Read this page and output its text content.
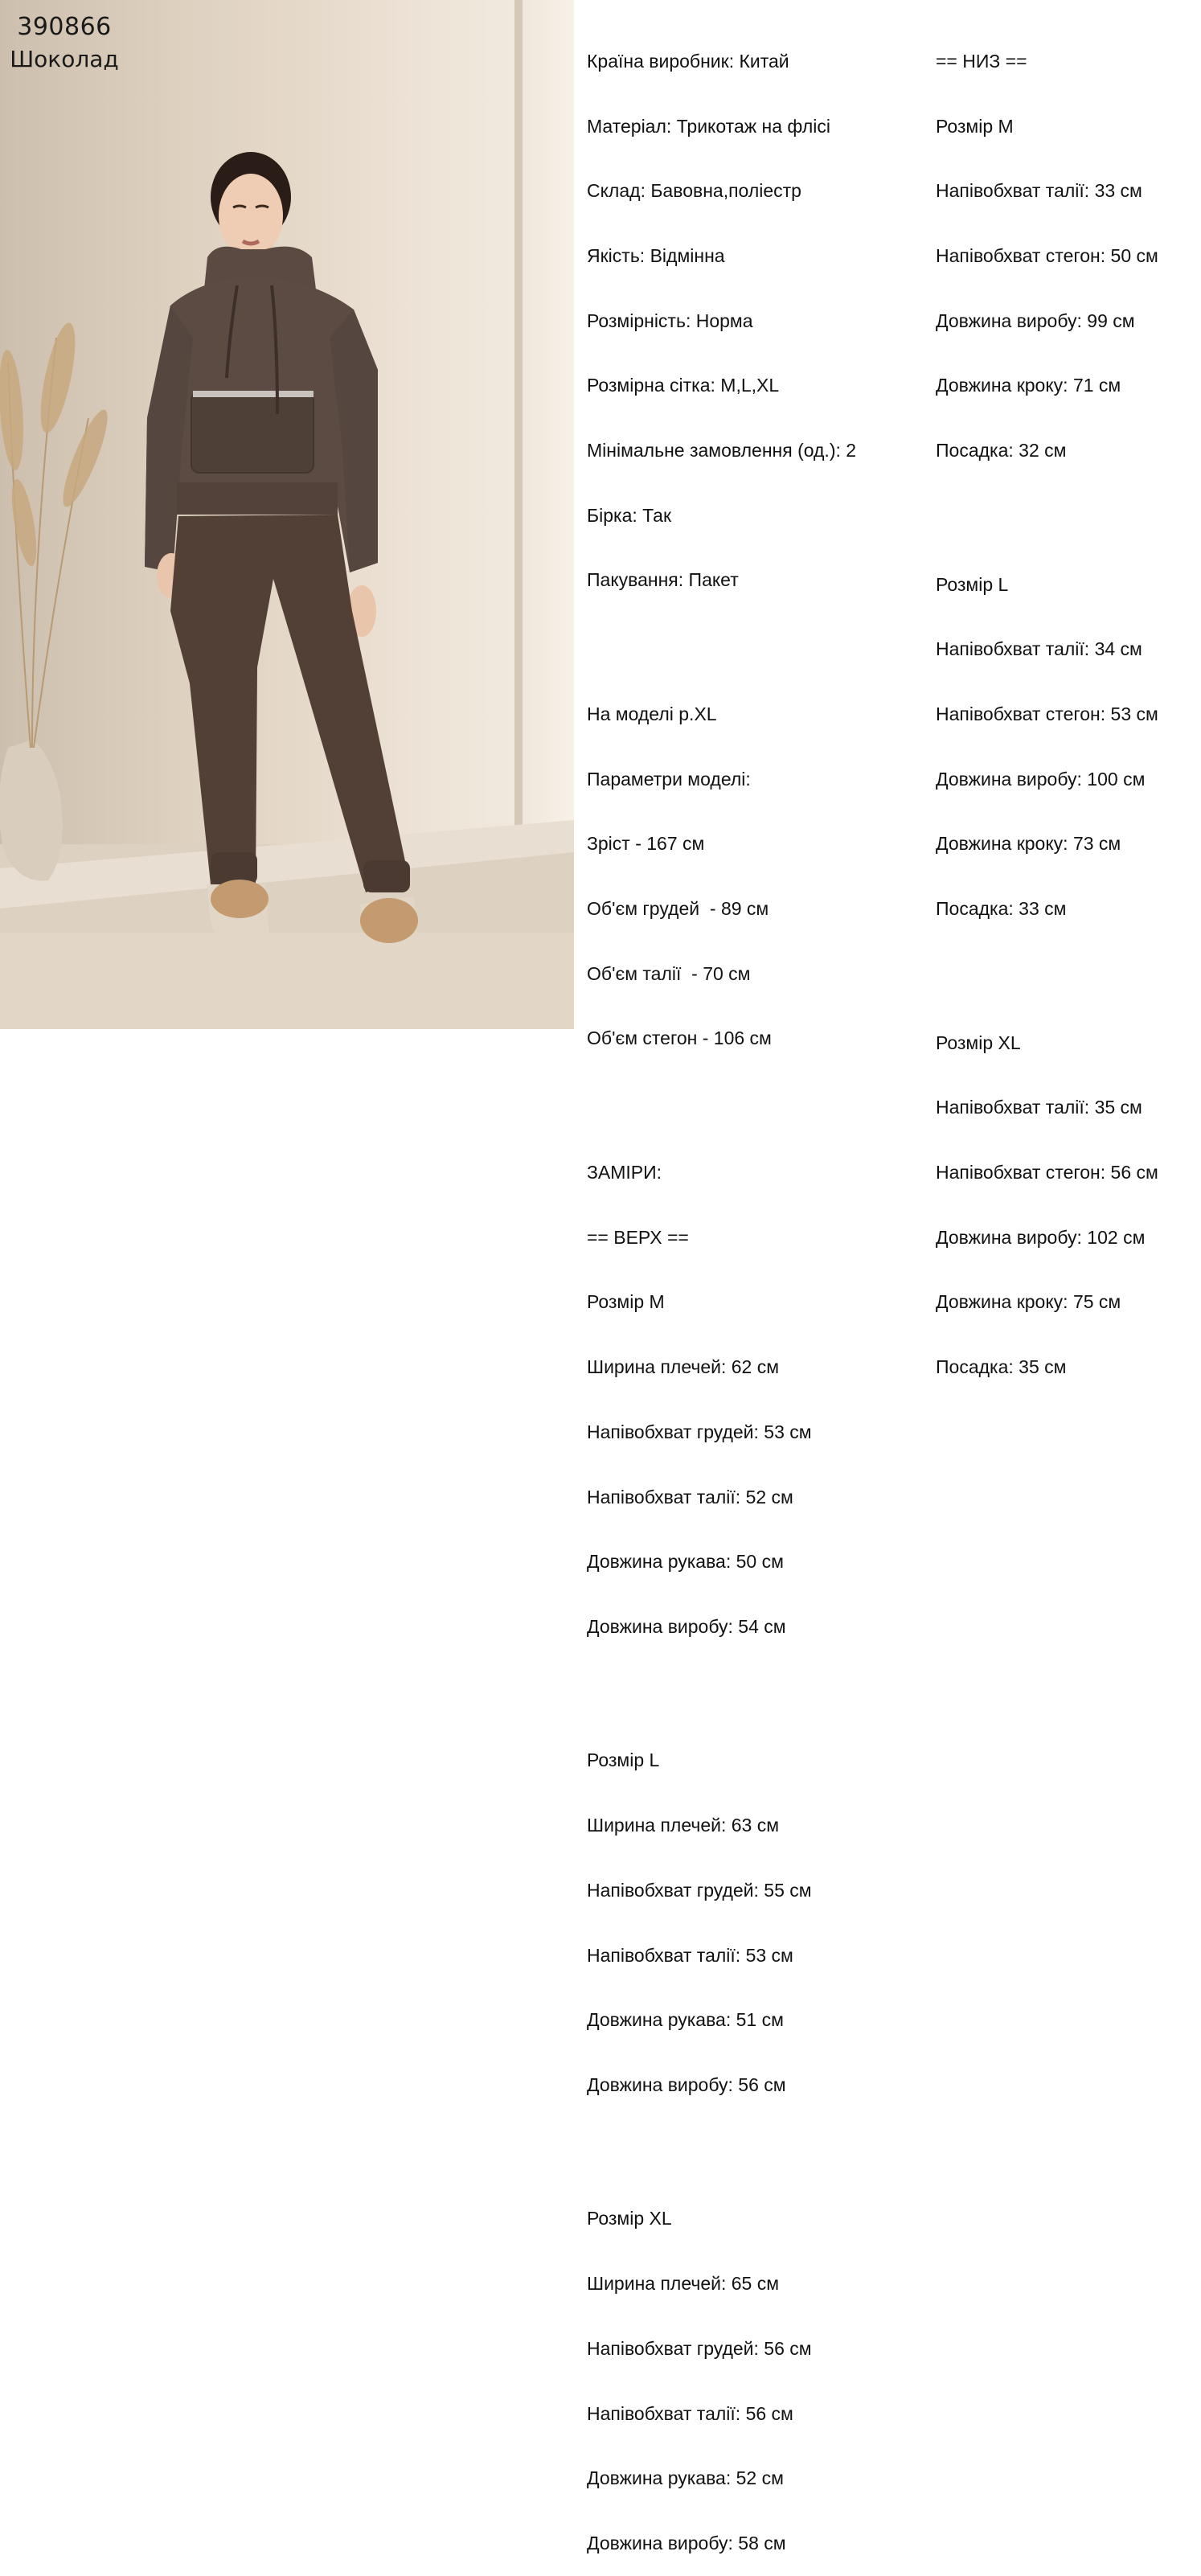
390866
Шоколад

	Країна виробник: Китай

Матеріал: Трикотаж на флісі

Склад: Бавовна,поліестр

Якість: Відмінна

Розмірність: Норма

Розмірна сітка: M,L,XL

Мінімальне замовлення (од.): 2

Бірка: Так

Пакування: Пакет

На моделі р.XL

Параметри моделі:

Зріст - 167 см

Об'єм грудей  - 89 см

Об'єм талії  - 70 см

Об'єм стегон - 106 см

ЗАМІРИ:

== ВЕРХ ==

Розмір M

Ширина плечей: 62 см

Напівобхват грудей: 53 см

Напівобхват талії: 52 см

Довжина рукава: 50 см

Довжина виробу: 54 см

Розмір L

Ширина плечей: 63 см

Напівобхват грудей: 55 см

Напівобхват талії: 53 см

Довжина рукава: 51 см

Довжина виробу: 56 см

Розмір XL

Ширина плечей: 65 см

Напівобхват грудей: 56 см

Напівобхват талії: 56 см

Довжина рукава: 52 см

Довжина виробу: 58 см

== НИЗ ==

Розмір M

Напівобхват талії: 33 см

Напівобхват стегон: 50 см

Довжина виробу: 99 см

Довжина кроку: 71 см

Посадка: 32 см

Розмір L

Напівобхват талії: 34 см

Напівобхват стегон: 53 см

Довжина виробу: 100 см

Довжина кроку: 73 см

Посадка: 33 см

Розмір XL

Напівобхват талії: 35 см

Напівобхват стегон: 56 см

Довжина виробу: 102 см

Довжина кроку: 75 см

Посадка: 35 см
